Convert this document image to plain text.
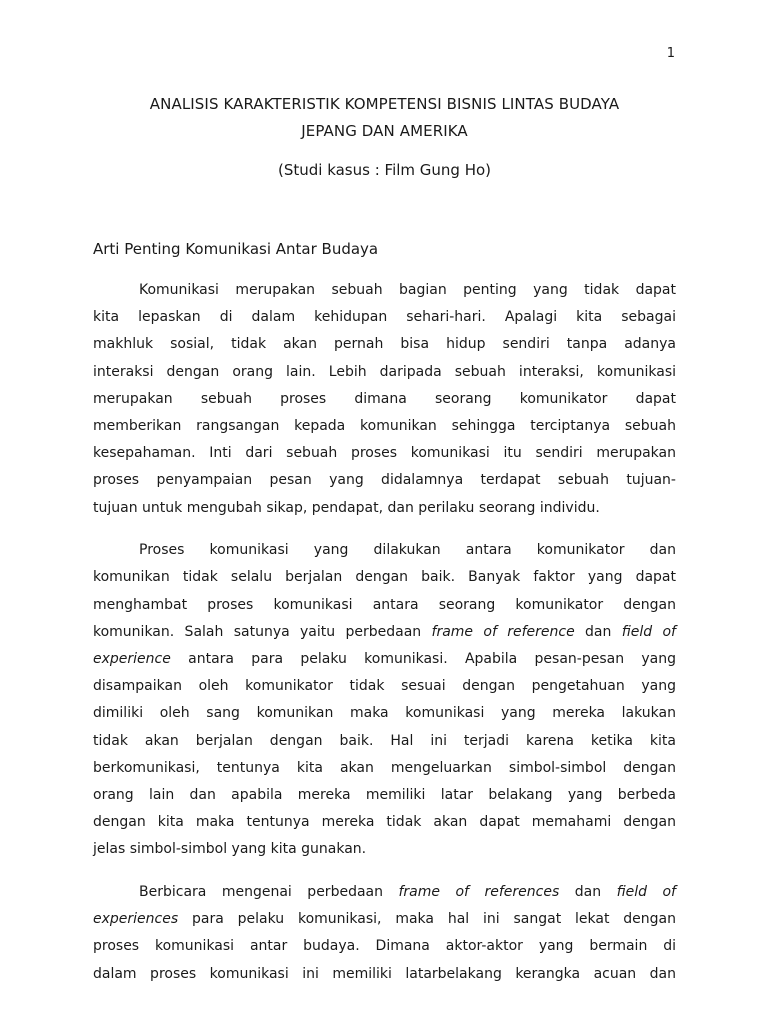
1
ANALISIS KARAKTERISTIK KOMPETENSI BISNIS LINTAS BUDAYA
JEPANG DAN AMERIKA
(Studi kasus : Film Gung Ho)
Arti Penting Komunikasi Antar Budaya
Komunikasi merupakan sebuah bagian penting yang tidak dapat
kita lepaskan di dalam kehidupan sehari-hari. Apalagi kita sebagai
makhluk sosial, tidak akan pernah bisa hidup sendiri tanpa adanya
interaksi dengan orang lain. Lebih daripada sebuah interaksi, komunikasi
merupakan sebuah proses dimana seorang komunikator dapat
memberikan rangsangan kepada komunikan sehingga terciptanya sebuah
kesepahaman. Inti dari sebuah proses komunikasi itu sendiri merupakan
proses penyampaian pesan yang didalamnya terdapat sebuah tujuan-
tujuan untuk mengubah sikap, pendapat, dan perilaku seorang individu.
Proses komunikasi yang dilakukan antara komunikator dan
komunikan tidak selalu berjalan dengan baik. Banyak faktor yang dapat
menghambat proses komunikasi antara seorang komunikator dengan
komunikan. Salah satunya yaitu perbedaan frame of reference dan field of
experience antara para pelaku komunikasi. Apabila pesan-pesan yang
disampaikan oleh komunikator tidak sesuai dengan pengetahuan yang
dimiliki oleh sang komunikan maka komunikasi yang mereka lakukan
tidak akan berjalan dengan baik. Hal ini terjadi karena ketika kita
berkomunikasi, tentunya kita akan mengeluarkan simbol-simbol dengan
orang lain dan apabila mereka memiliki latar belakang yang berbeda
dengan kita maka tentunya mereka tidak akan dapat memahami dengan
jelas simbol-simbol yang kita gunakan.
Berbicara mengenai perbedaan frame of references dan field of
experiences para pelaku komunikasi, maka hal ini sangat lekat dengan
proses komunikasi antar budaya. Dimana aktor-aktor yang bermain di
dalam proses komunikasi ini memiliki latarbelakang kerangka acuan dan
